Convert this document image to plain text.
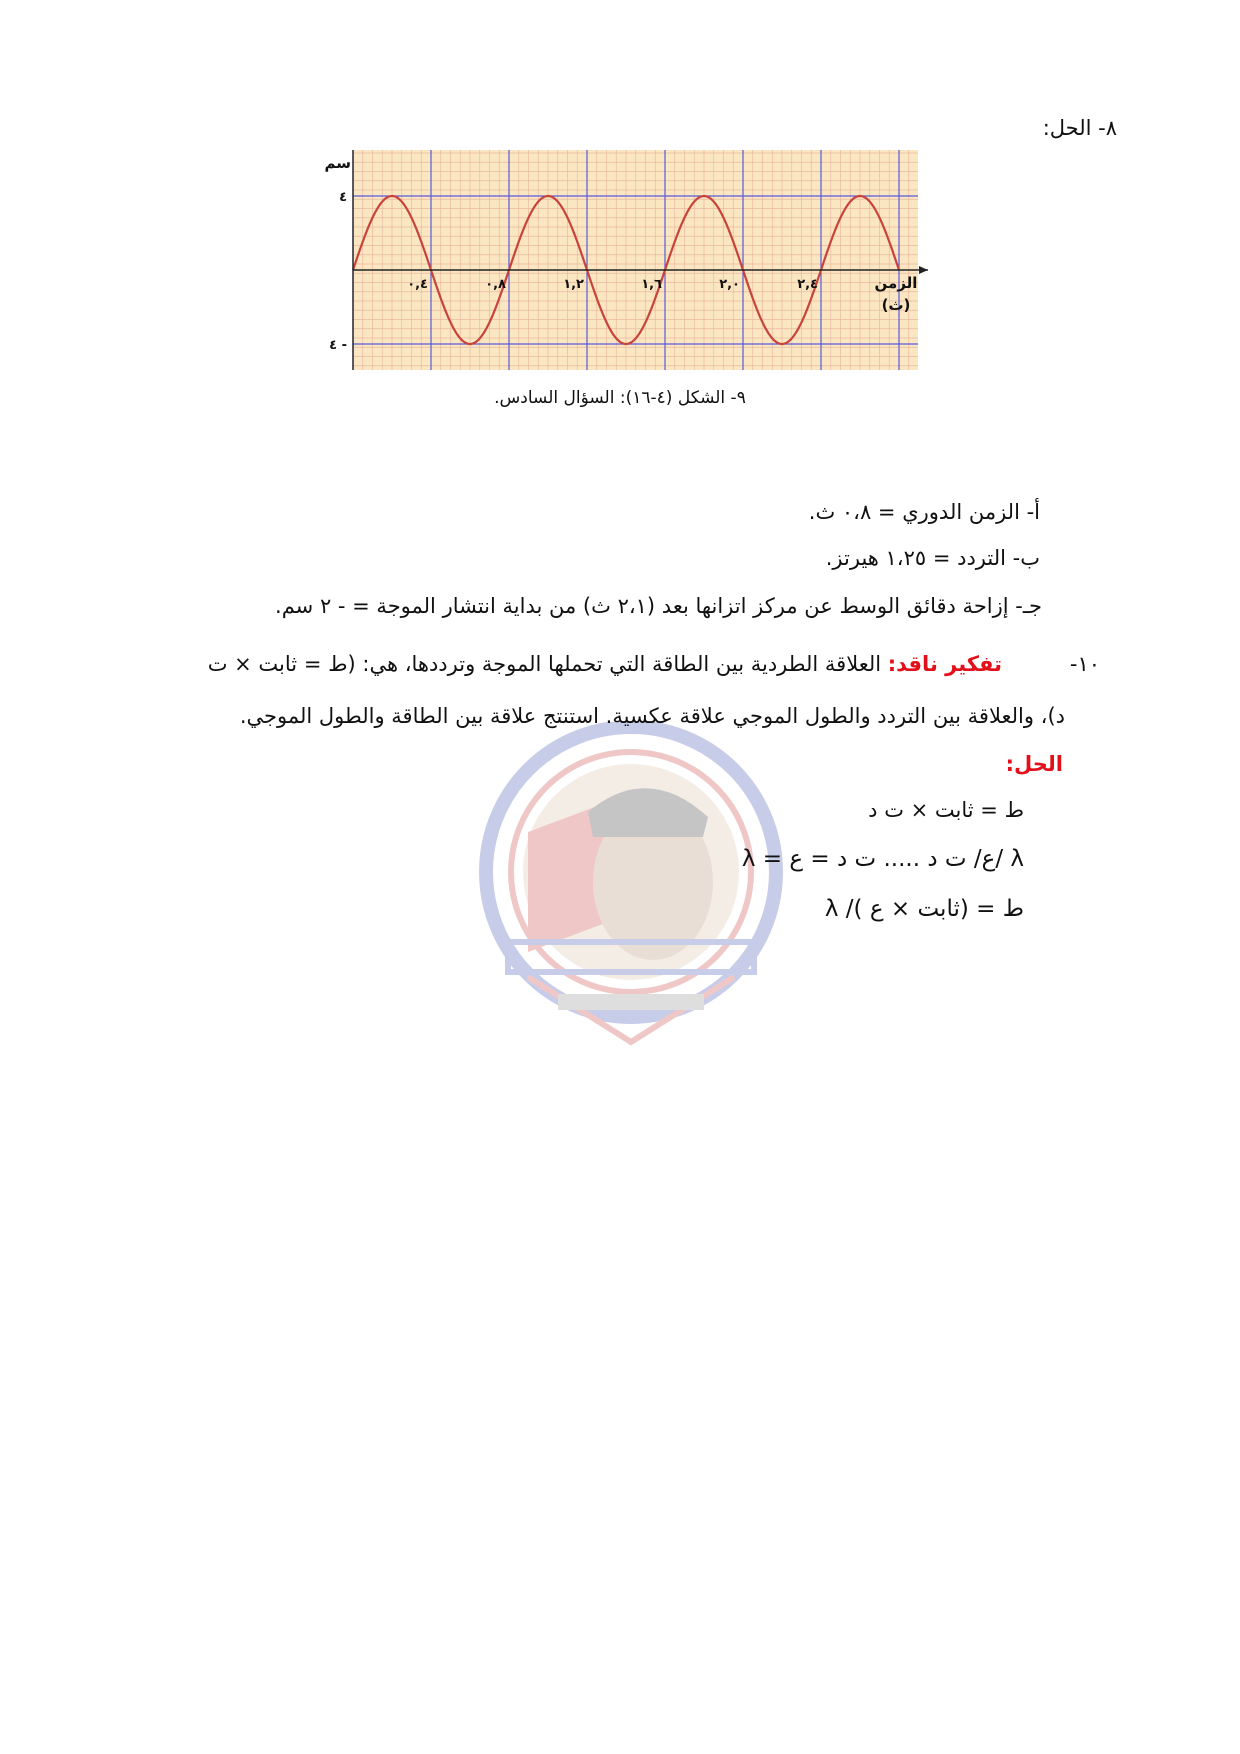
٨- الحل:
٠,٤	٠,٨	١,٢	١,٦	٢,٠	٢,٤
٤
٤ -
سم
الزمن
(ث)
٩- الشكل (٤-١٦): السؤال السادس.
أ- الزمن الدوري = ٠،٨ ث.
ب- التردد = ١،٢٥ هيرتز.
جـ- إزاحة دقائق الوسط عن مركز اتزانها بعد (٢،١ ث) من بداية انتشار الموجة = - ٢ سم.
-١٠
تفكير ناقد: العلاقة الطردية بين الطاقة التي تحملها الموجة وترددها، هي: (ط = ثابت × ت
د)، والعلاقة بين التردد والطول الموجي علاقة عكسية. استنتج علاقة بين الطاقة والطول الموجي.
الحل:
ط = ثابت × ت د
λ = ع/ ت د ..... ت د = ع/ λ
ط = (ثابت × ع )/ λ
